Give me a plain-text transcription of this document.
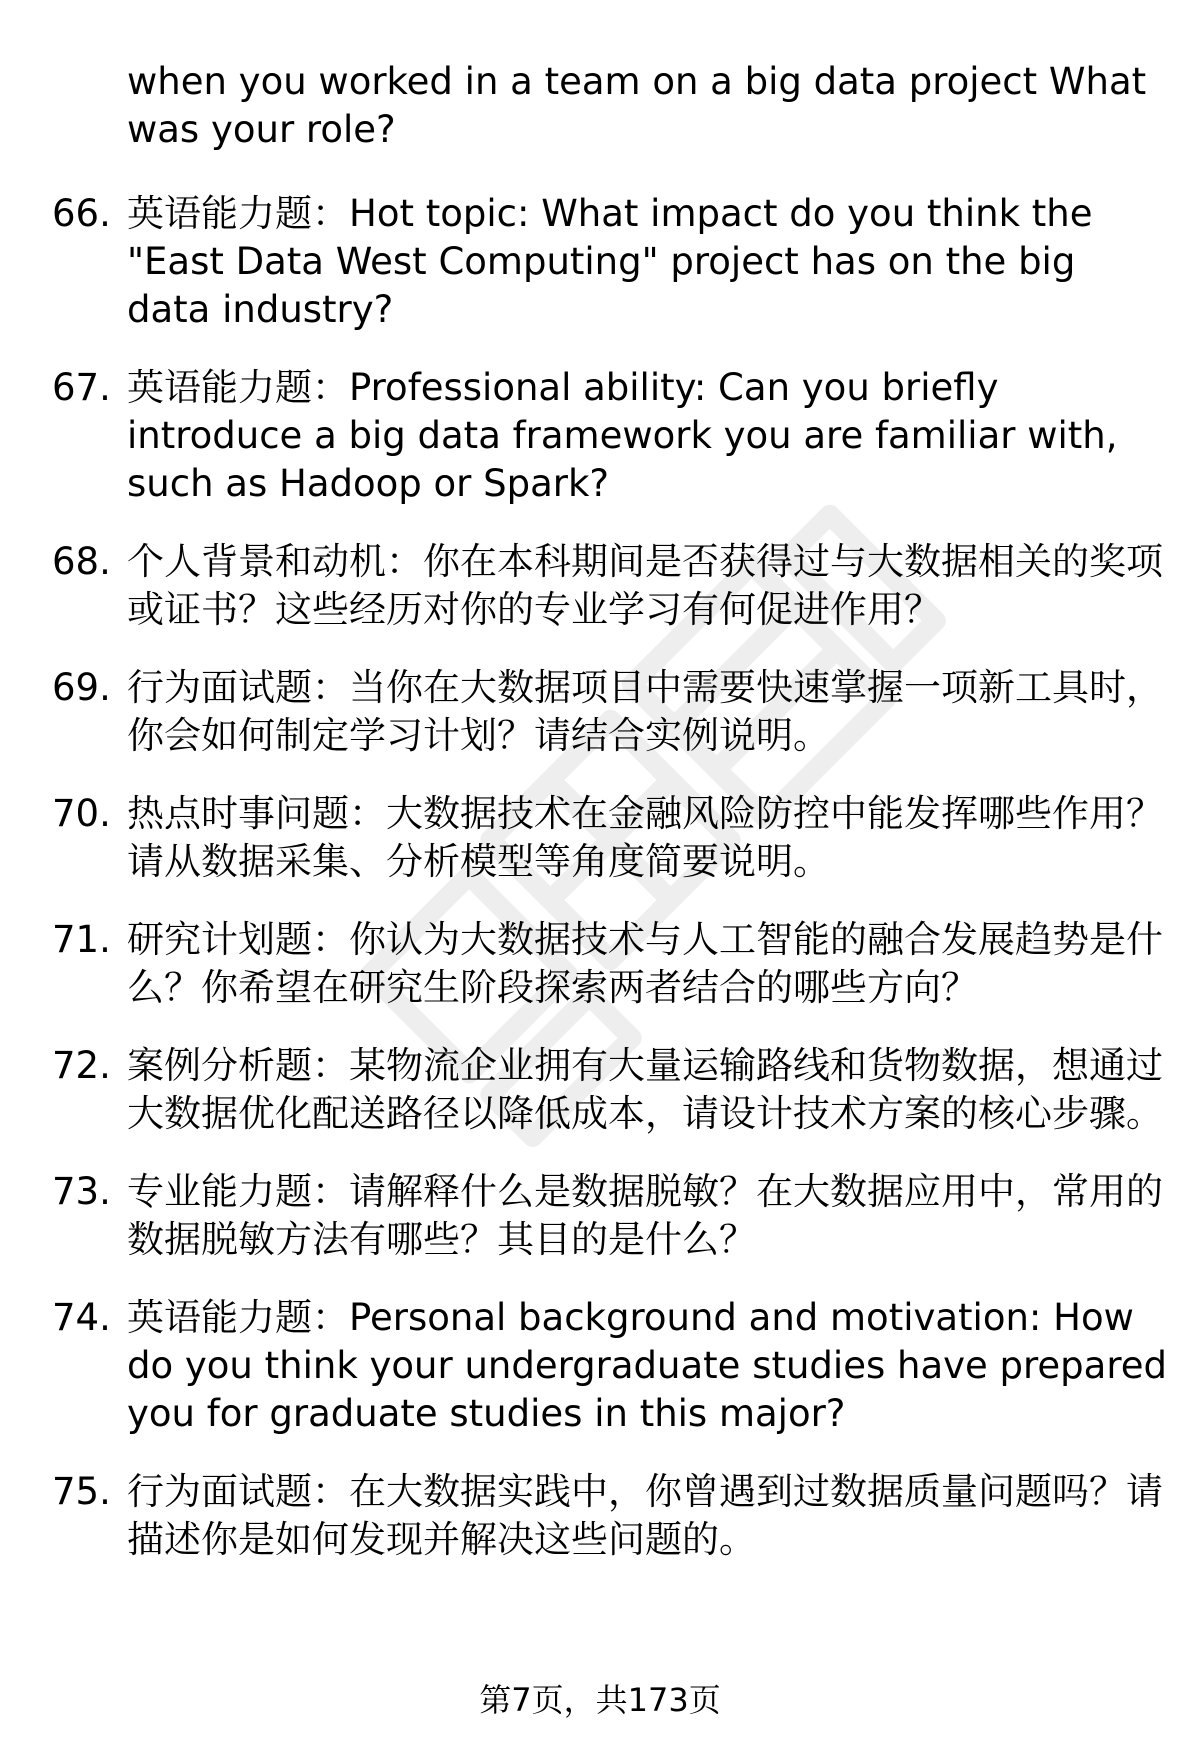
when you worked in a team on a big data project What was your role?
66. 英语能力题：Hot topic: What impact do you think the "East Data West Computing" project has on the big data industry?
67. 英语能力题：Professional ability: Can you briefly introduce a big data framework you are familiar with, such as Hadoop or Spark?
68. 个人背景和动机：你在本科期间是否获得过与大数据相关的奖项或证书？这些经历对你的专业学习有何促进作用？
69. 行为面试题：当你在大数据项目中需要快速掌握一项新工具时，你会如何制定学习计划？请结合实例说明。
70. 热点时事问题：大数据技术在金融风险防控中能发挥哪些作用？请从数据采集、分析模型等角度简要说明。
71. 研究计划题：你认为大数据技术与人工智能的融合发展趋势是什么？你希望在研究生阶段探索两者结合的哪些方向？
72. 案例分析题：某物流企业拥有大量运输路线和货物数据，想通过大数据优化配送路径以降低成本，请设计技术方案的核心步骤。
73. 专业能力题：请解释什么是数据脱敏？在大数据应用中，常用的数据脱敏方法有哪些？其目的是什么？
74. 英语能力题：Personal background and motivation: How do you think your undergraduate studies have prepared you for graduate studies in this major?
75. 行为面试题：在大数据实践中，你曾遇到过数据质量问题吗？请描述你是如何发现并解决这些问题的。
第7页，共173页
